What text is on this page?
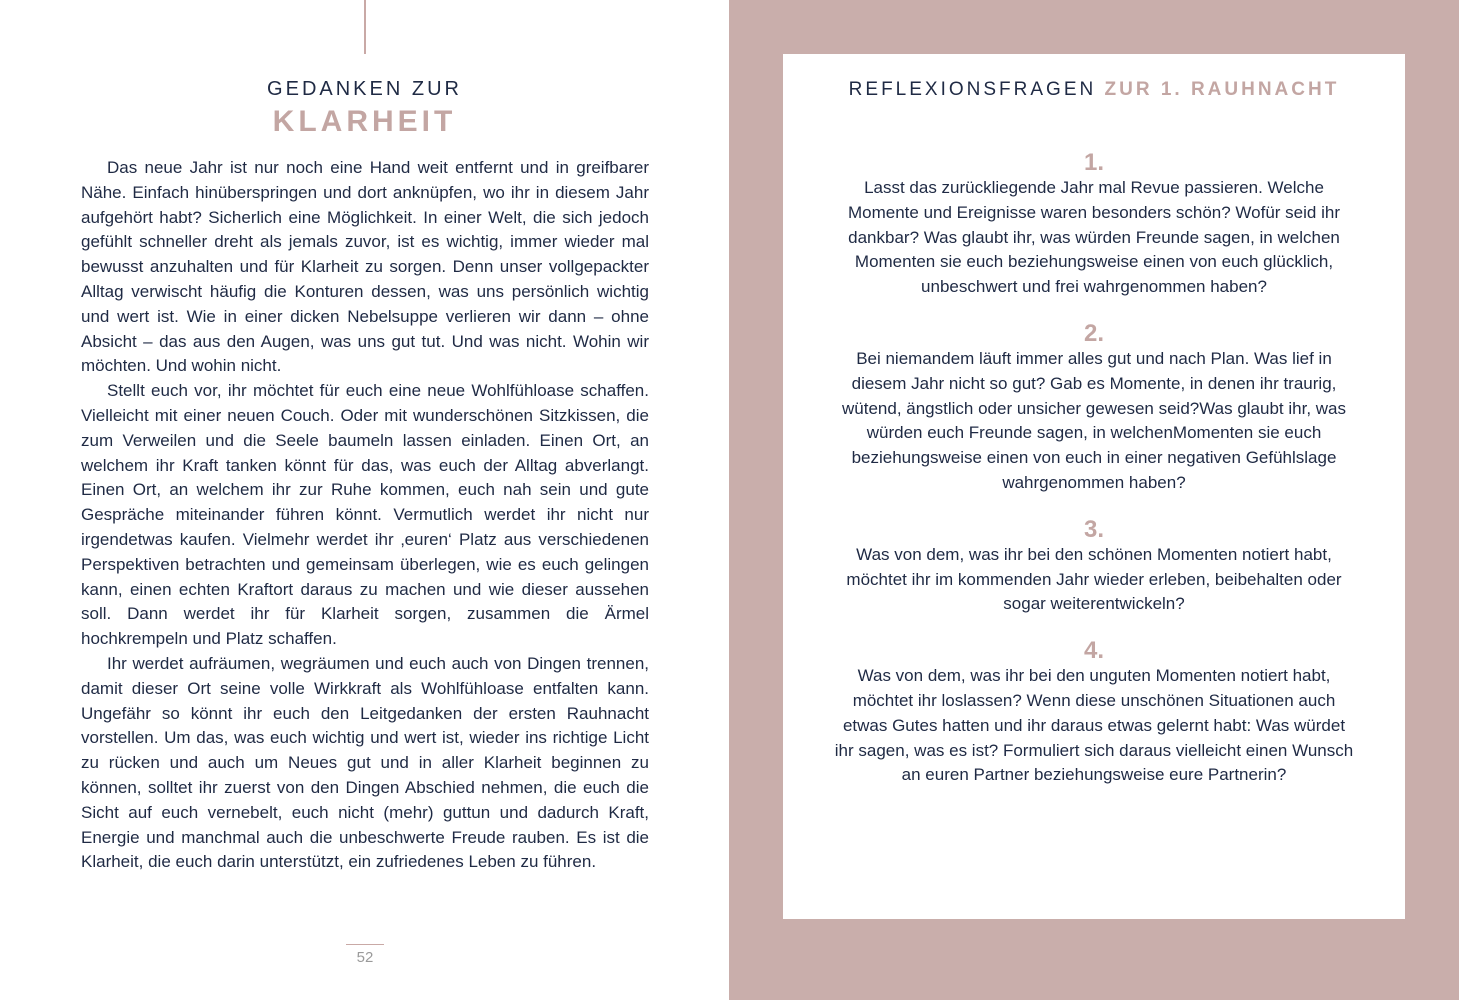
GEDANKEN ZUR
KLARHEIT

Das neue Jahr ist nur noch eine Hand weit entfernt und in greifbarer Nähe. Einfach hinüberspringen und dort anknüpfen, wo ihr in diesem Jahr aufgehört habt? Sicherlich eine Möglichkeit. In einer Welt, die sich jedoch gefühlt schneller dreht als jemals zuvor, ist es wichtig, immer wieder mal bewusst anzuhalten und für Klarheit zu sorgen. Denn unser vollgepackter Alltag verwischt häufig die Konturen dessen, was uns persönlich wichtig und wert ist. Wie in einer dicken Nebelsuppe verlieren wir dann – ohne Absicht – das aus den Augen, was uns gut tut. Und was nicht. Wohin wir möchten. Und wohin nicht.

Stellt euch vor, ihr möchtet für euch eine neue Wohlfühloase schaffen. Vielleicht mit einer neuen Couch. Oder mit wunderschönen Sitzkissen, die zum Verweilen und die Seele baumeln lassen einladen. Einen Ort, an welchem ihr Kraft tanken könnt für das, was euch der Alltag abverlangt. Einen Ort, an welchem ihr zur Ruhe kommen, euch nah sein und gute Gespräche miteinander führen könnt. Vermutlich werdet ihr nicht nur irgendetwas kaufen. Vielmehr werdet ihr ‚euren‘ Platz aus verschiedenen Perspektiven betrachten und gemeinsam überlegen, wie es euch gelingen kann, einen echten Kraftort daraus zu machen und wie dieser aussehen soll. Dann werdet ihr für Klarheit sorgen, zusammen die Ärmel hochkrempeln und Platz schaffen.

Ihr werdet aufräumen, wegräumen und euch auch von Dingen trennen, damit dieser Ort seine volle Wirkkraft als Wohlfühloase entfalten kann. Ungefähr so könnt ihr euch den Leitgedanken der ersten Rauhnacht vorstellen. Um das, was euch wichtig und wert ist, wieder ins richtige Licht zu rücken und auch um Neues gut und in aller Klarheit beginnen zu können, solltet ihr zuerst von den Dingen Abschied nehmen, die euch die Sicht auf euch vernebelt, euch nicht (mehr) guttun und dadurch Kraft, Energie und manchmal auch die unbeschwerte Freude rauben. Es ist die Klarheit, die euch darin unterstützt, ein zufriedenes Leben zu führen.

52
REFLEXIONSFRAGEN ZUR 1. RAUHNACHT
1.
Lasst das zurückliegende Jahr mal Revue passieren. Welche Momente und Ereignisse waren besonders schön? Wofür seid ihr dankbar? Was glaubt ihr, was würden Freunde sagen, in welchen Momenten sie euch beziehungsweise einen von euch glücklich, unbeschwert und frei wahrgenommen haben?
2.
Bei niemandem läuft immer alles gut und nach Plan. Was lief in diesem Jahr nicht so gut? Gab es Momente, in denen ihr traurig, wütend, ängstlich oder unsicher gewesen seid?Was glaubt ihr, was würden euch Freunde sagen, in welchenMomenten sie euch beziehungsweise einen von euch in einer negativen Gefühlslage wahrgenommen haben?
3.
Was von dem, was ihr bei den schönen Momenten notiert habt, möchtet ihr im kommenden Jahr wieder erleben, beibehalten oder sogar weiterentwickeln?
4.
Was von dem, was ihr bei den unguten Momenten notiert habt, möchtet ihr loslassen? Wenn diese unschönen Situationen auch etwas Gutes hatten und ihr daraus etwas gelernt habt: Was würdet ihr sagen, was es ist? Formuliert sich daraus vielleicht einen Wunsch an euren Partner beziehungsweise eure Partnerin?
